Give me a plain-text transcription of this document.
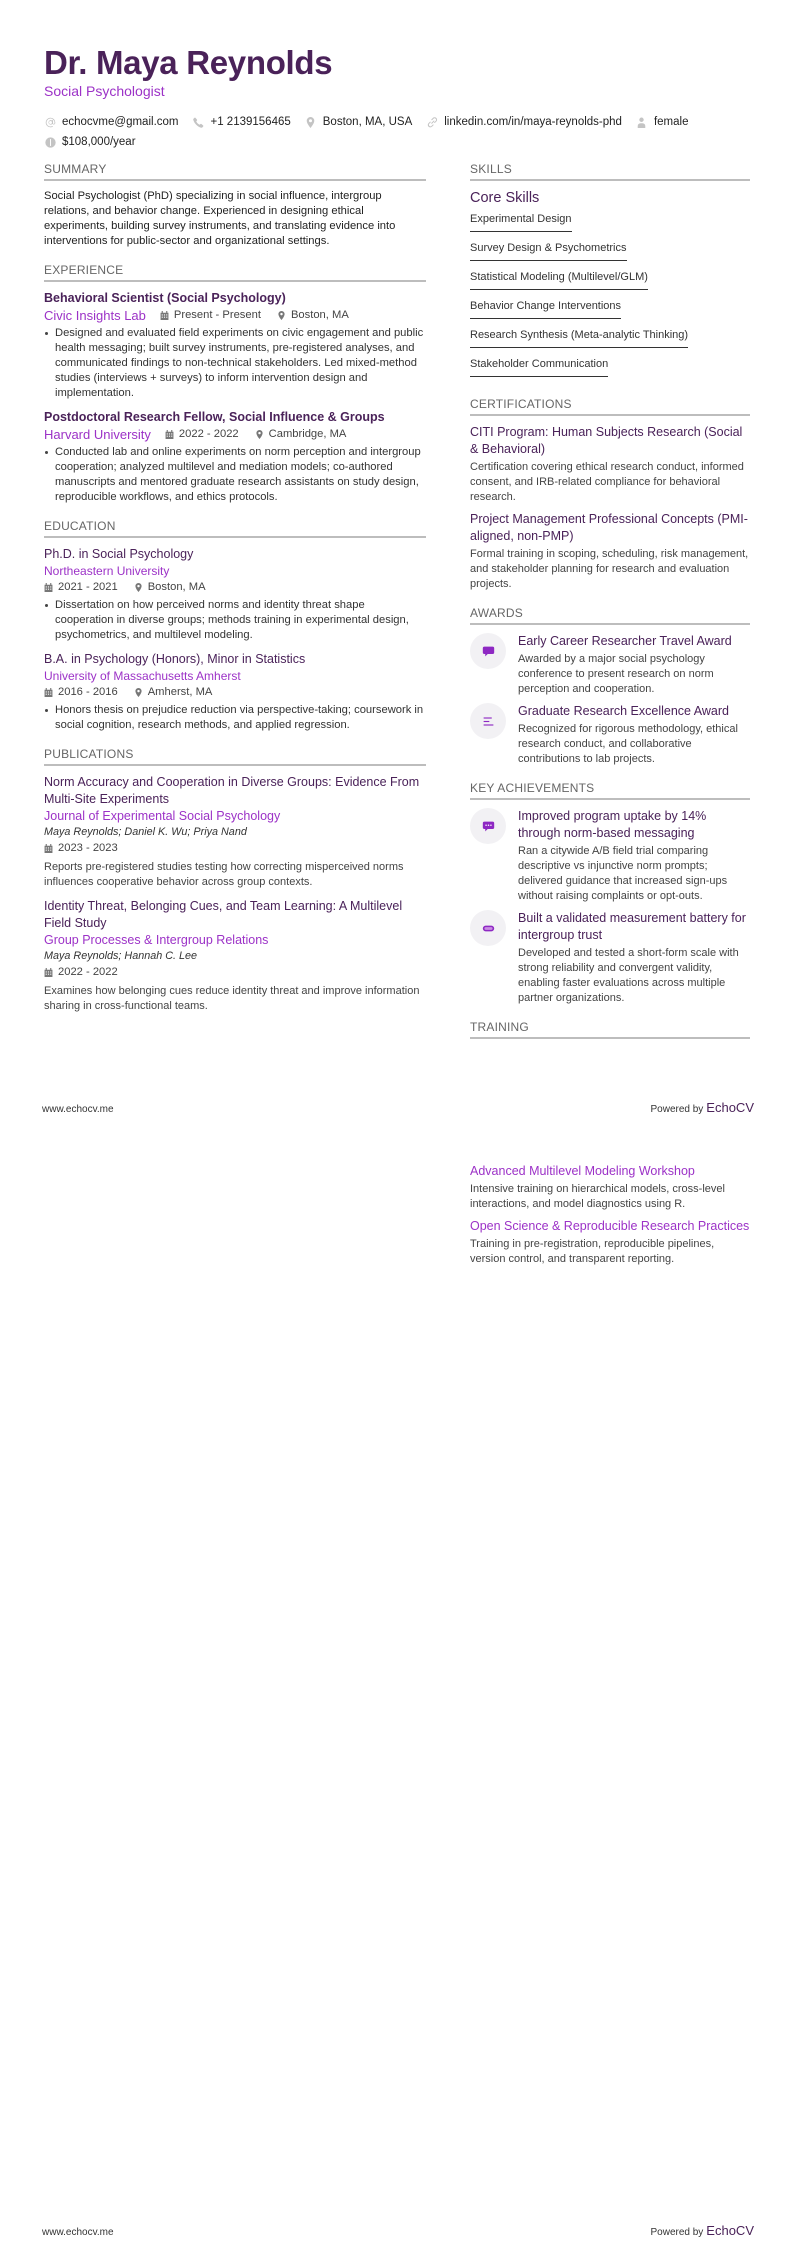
Dr. Maya Reynolds
Social Psychologist
echocvme@gmail.com	+1 2139156465	Boston, MA, USA	linkedin.com/in/maya-reynolds-phd	female
$108,000/year
SUMMARY
Social Psychologist (PhD) specializing in social influence, intergroup relations, and behavior change. Experienced in designing ethical experiments, building survey instruments, and translating evidence into interventions for public-sector and organizational settings.
EXPERIENCE
Behavioral Scientist (Social Psychology)
Civic Insights Lab	Present - Present	Boston, MA
Designed and evaluated field experiments on civic engagement and public health messaging; built survey instruments, pre-registered analyses, and communicated findings to non-technical stakeholders. Led mixed-method studies (interviews + surveys) to inform intervention design and implementation.
Postdoctoral Research Fellow, Social Influence & Groups
Harvard University	2022 - 2022	Cambridge, MA
Conducted lab and online experiments on norm perception and intergroup cooperation; analyzed multilevel and mediation models; co-authored manuscripts and mentored graduate research assistants on study design, reproducible workflows, and ethics protocols.
EDUCATION
Ph.D. in Social Psychology
Northeastern University
2021 - 2021	Boston, MA
Dissertation on how perceived norms and identity threat shape cooperation in diverse groups; methods training in experimental design, psychometrics, and multilevel modeling.
B.A. in Psychology (Honors), Minor in Statistics
University of Massachusetts Amherst
2016 - 2016	Amherst, MA
Honors thesis on prejudice reduction via perspective-taking; coursework in social cognition, research methods, and applied regression.
PUBLICATIONS
Norm Accuracy and Cooperation in Diverse Groups: Evidence From Multi-Site Experiments
Journal of Experimental Social Psychology
Maya Reynolds; Daniel K. Wu; Priya Nand
2023 - 2023
Reports pre-registered studies testing how correcting misperceived norms influences cooperative behavior across group contexts.
Identity Threat, Belonging Cues, and Team Learning: A Multilevel Field Study
Group Processes & Intergroup Relations
Maya Reynolds; Hannah C. Lee
2022 - 2022
Examines how belonging cues reduce identity threat and improve information sharing in cross-functional teams.
SKILLS
Core Skills
Experimental Design
Survey Design & Psychometrics
Statistical Modeling (Multilevel/GLM)
Behavior Change Interventions
Research Synthesis (Meta-analytic Thinking)
Stakeholder Communication
CERTIFICATIONS
CITI Program: Human Subjects Research (Social & Behavioral)
Certification covering ethical research conduct, informed consent, and IRB-related compliance for behavioral research.
Project Management Professional Concepts (PMI-aligned, non-PMP)
Formal training in scoping, scheduling, risk management, and stakeholder planning for research and evaluation projects.
AWARDS
Early Career Researcher Travel Award
Awarded by a major social psychology conference to present research on norm perception and cooperation.
Graduate Research Excellence Award
Recognized for rigorous methodology, ethical research conduct, and collaborative contributions to lab projects.
KEY ACHIEVEMENTS
Improved program uptake by 14% through norm-based messaging
Ran a citywide A/B field trial comparing descriptive vs injunctive norm prompts; delivered guidance that increased sign-ups without raising complaints or opt-outs.
Built a validated measurement battery for intergroup trust
Developed and tested a short-form scale with strong reliability and convergent validity, enabling faster evaluations across multiple partner organizations.
TRAINING
www.echocv.me	Powered by EchoCV
Advanced Multilevel Modeling Workshop
Intensive training on hierarchical models, cross-level interactions, and model diagnostics using R.
Open Science & Reproducible Research Practices
Training in pre-registration, reproducible pipelines, version control, and transparent reporting.
www.echocv.me	Powered by EchoCV
